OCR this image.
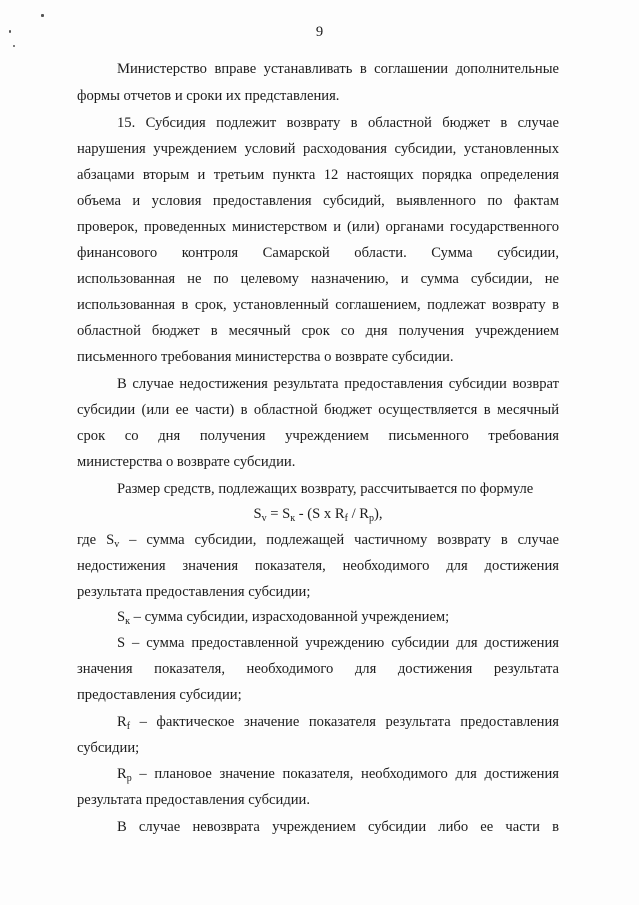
9
Министерство вправе устанавливать в соглашении дополнительные
формы отчетов и сроки их представления.
15. Субсидия подлежит возврату в областной бюджет в случае
нарушения учреждением условий расходования субсидии, установленных
абзацами вторым и третьим пункта 12 настоящих порядка определения
объема и условия предоставления субсидий, выявленного по фактам
проверок, проведенных министерством и (или) органами государственного
финансового контроля Самарской области. Сумма субсидии,
использованная не по целевому назначению, и сумма субсидии, не
использованная в срок, установленный соглашением, подлежат возврату в
областной бюджет в месячный срок со дня получения учреждением
письменного требования министерства о возврате субсидии.
В случае недостижения результата предоставления субсидии возврат
субсидии (или ее части) в областной бюджет осуществляется в месячный
срок со дня получения учреждением письменного требования
министерства о возврате субсидии.
Размер средств, подлежащих возврату, рассчитывается по формуле
$S_v = S_к - (S$ x $R_f / R_p$),
где $S_v$ – сумма субсидии, подлежащей частичному возврату в случае
недостижения значения показателя, необходимого для достижения
результата предоставления субсидии;
$S_к$ – сумма субсидии, израсходованной учреждением;
S – сумма предоставленной учреждению субсидии для достижения
значения показателя, необходимого для достижения результата
предоставления субсидии;
$R_f$ – фактическое значение показателя результата предоставления
субсидии;
$R_p$ – плановое значение показателя, необходимого для достижения
результата предоставления субсидии.
В случае невозврата учреждением субсидии либо ее части в
